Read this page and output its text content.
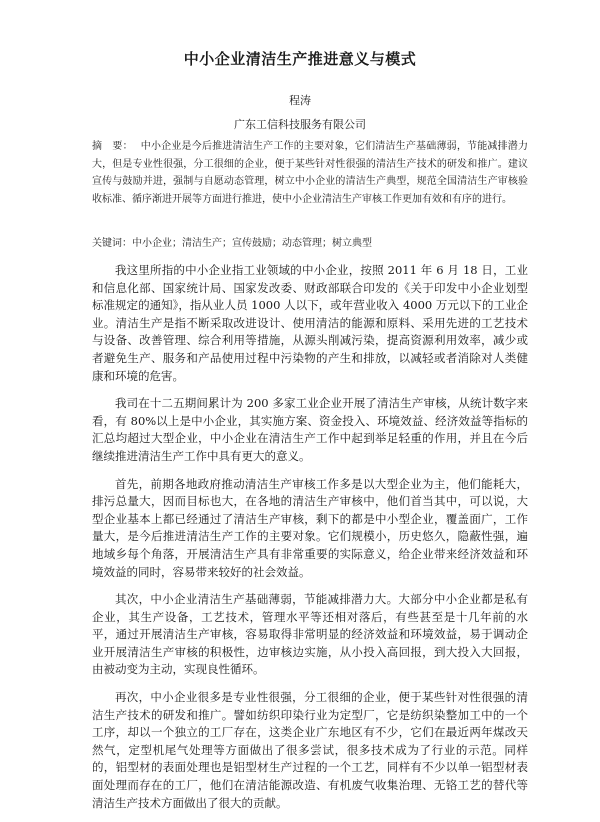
中小企业清洁生产推进意义与模式
程涛
广东工信科技服务有限公司
摘　要： 中小企业是今后推进清洁生产工作的主要对象，它们清洁生产基础薄弱，节能减排潜力大，但是专业性很强，分工很细的企业，便于某些针对性很强的清洁生产技术的研发和推广。建议宣传与鼓励并进，强制与自愿动态管理，树立中小企业的清洁生产典型，规范全国清洁生产审核验收标准、循序渐进开展等方面进行推进，使中小企业清洁生产审核工作更加有效和有序的进行。
关键词：中小企业；清洁生产；宣传鼓励；动态管理；树立典型

我这里所指的中小企业指工业领域的中小企业，按照 2011 年 6 月 18 日，工业和信息化部、国家统计局、国家发改委、财政部联合印发的《关于印发中小企业划型标准规定的通知》，指从业人员 1000 人以下，或年营业收入 4000 万元以下的工业企业。清洁生产是指不断采取改进设计、使用清洁的能源和原料、采用先进的工艺技术与设备、改善管理、综合利用等措施，从源头削减污染，提高资源利用效率，减少或者避免生产、服务和产品使用过程中污染物的产生和排放，以减轻或者消除对人类健康和环境的危害。

我司在十二五期间累计为 200 多家工业企业开展了清洁生产审核，从统计数字来看，有 80%以上是中小企业，其实施方案、资金投入、环境效益、经济效益等指标的汇总均超过大型企业，中小企业在清洁生产工作中起到举足轻重的作用，并且在今后继续推进清洁生产工作中具有更大的意义。

首先，前期各地政府推动清洁生产审核工作多是以大型企业为主，他们能耗大，排污总量大，因而目标也大，在各地的清洁生产审核中，他们首当其中，可以说，大型企业基本上都已经通过了清洁生产审核，剩下的都是中小型企业，覆盖面广，工作量大，是今后推进清洁生产工作的主要对象。它们规模小，历史悠久，隐蔽性强，遍地域乡每个角落，开展清洁生产具有非常重要的实际意义，给企业带来经济效益和环境效益的同时，容易带来较好的社会效益。

其次，中小企业清洁生产基础薄弱，节能减排潜力大。大部分中小企业都是私有企业，其生产设备，工艺技术，管理水平等还相对落后，有些甚至是十几年前的水平，通过开展清洁生产审核，容易取得非常明显的经济效益和环境效益，易于调动企业开展清洁生产审核的积极性，边审核边实施，从小投入高回报，到大投入大回报，由被动变为主动，实现良性循环。

再次，中小企业很多是专业性很强，分工很细的企业，便于某些针对性很强的清洁生产技术的研发和推广。譬如纺织印染行业为定型厂，它是纺织染整加工中的一个工序，却以一个独立的工厂存在，这类企业广东地区有不少，它们在最近两年煤改天然气，定型机尾气处理等方面做出了很多尝试，很多技术成为了行业的示范。同样的，铝型材的表面处理也是铝型材生产过程的一个工艺，同样有不少以单一铝型材表面处理而存在的工厂，他们在清洁能源改造、有机废气收集治理、无铬工艺的替代等清洁生产技术方面做出了很大的贡献。
